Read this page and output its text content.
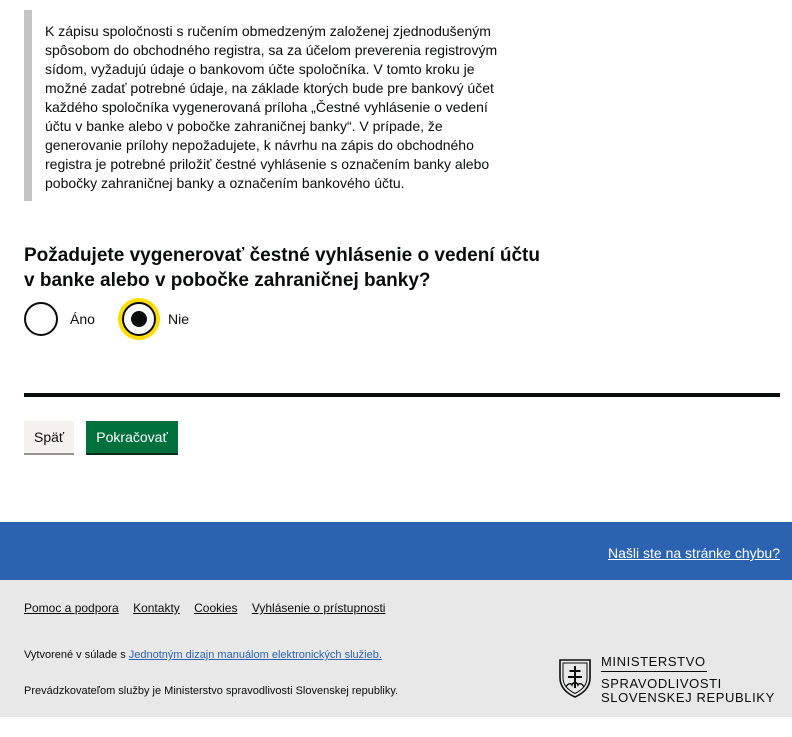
K zápisu spoločnosti s ručením obmedzeným založenej zjednodušeným spôsobom do obchodného registra, sa za účelom preverenia registrovým sídom, vyžadujú údaje o bankovom účte spoločníka. V tomto kroku je možné zadať potrebné údaje, na základe ktorých bude pre bankový účet každého spoločníka vygenerovaná príloha „Čestné vyhlásenie o vedení účtu v banke alebo v pobočke zahraničnej banky“. V prípade, že generovanie prílohy nepožadujete, k návrhu na zápis do obchodného registra je potrebné priložiť čestné vyhlásenie s označením banky alebo pobočky zahraničnej banky a označením bankového účtu.

Požadujete vygenerovať čestné vyhlásenie o vedení účtu
v banke alebo v pobočke zahraničnej banky?
Áno	Nie
Späť	Pokračovať
Našli ste na stránke chybu?
Pomoc a podpora Kontakty Cookies Vyhlásenie o prístupnosti
Vytvorené v súlade s Jednotným dizajn manuálom elektronických služieb.
Prevádzkovateľom služby je Ministerstvo spravodlivosti Slovenskej republiky.
MINISTERSTVO
SPRAVODLIVOSTI
SLOVENSKEJ REPUBLIKY
